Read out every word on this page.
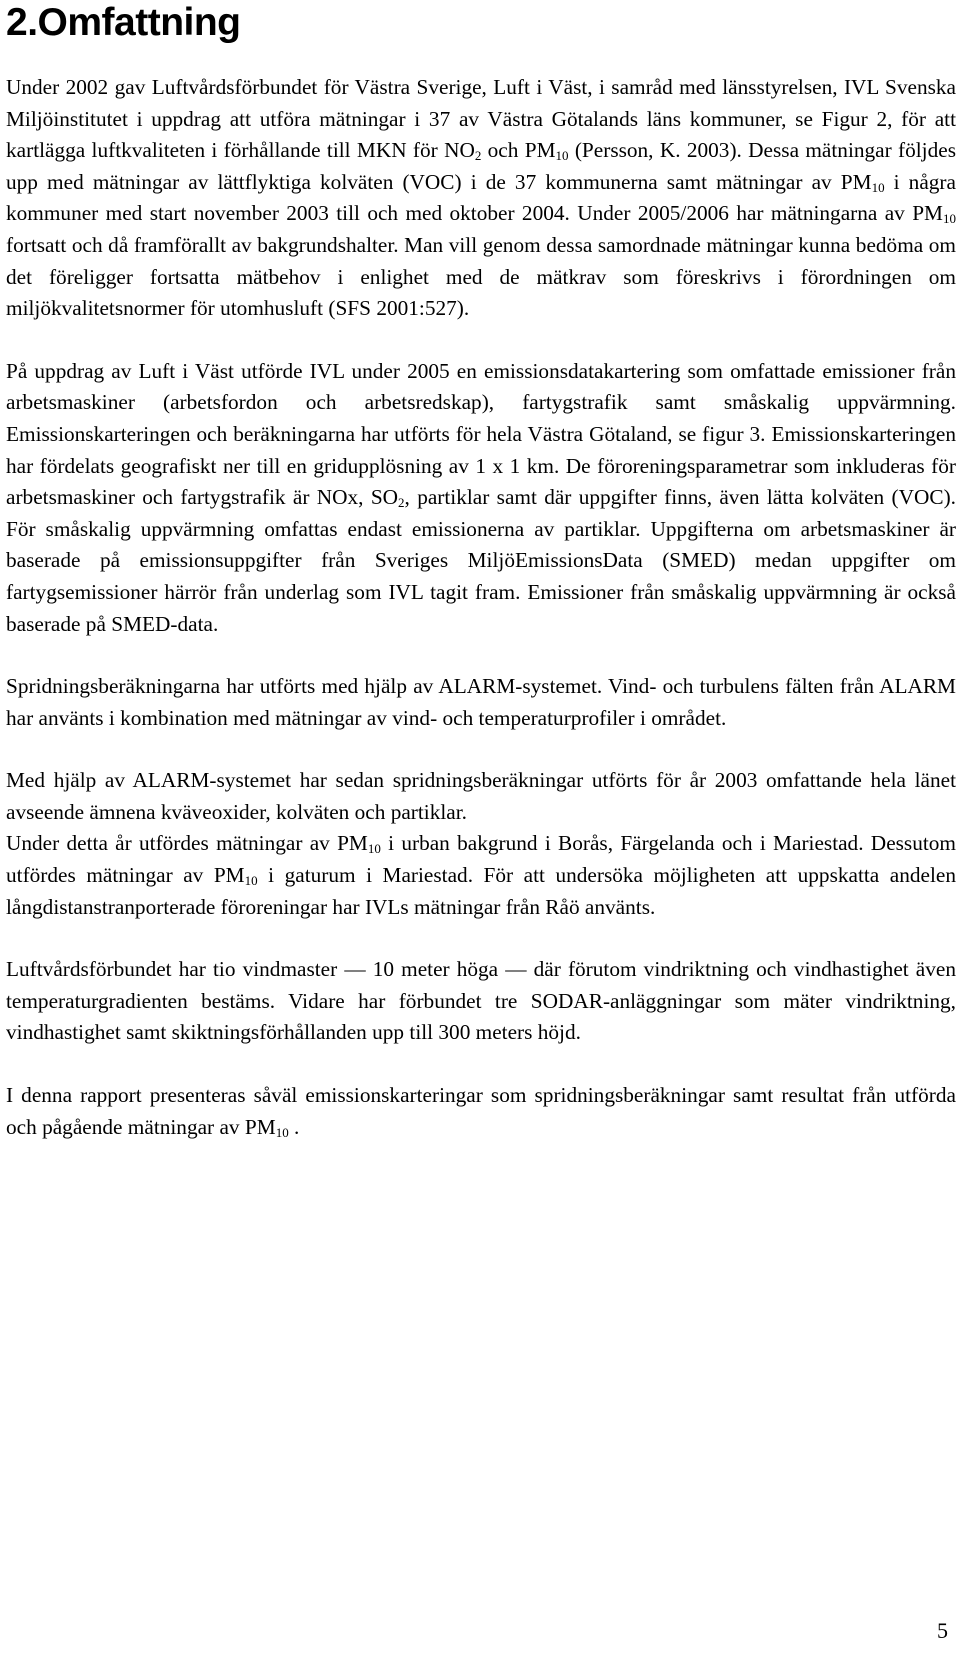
2.Omfattning

Under 2002 gav Luftvårdsförbundet för Västra Sverige, Luft i Väst, i samråd med länsstyrelsen, IVL Svenska Miljöinstitutet i uppdrag att utföra mätningar i 37 av Västra Götalands läns kommuner, se Figur 2, för att kartlägga luftkvaliteten i förhållande till MKN för $NO_2$ och $PM_{10}$ (Persson, K. 2003). Dessa mätningar följdes upp med mätningar av lättflyktiga kolväten (VOC) i de 37 kommunerna samt mätningar av $PM_{10}$ i några kommuner med start november 2003 till och med oktober 2004. Under 2005/2006 har mätningarna av $PM_{10}$ fortsatt och då framförallt av bakgrundshalter. Man vill genom dessa samordnade mätningar kunna bedöma om det föreligger fortsatta mätbehov i enlighet med de mätkrav som föreskrivs i förordningen om miljökvalitetsnormer för utomhusluft (SFS 2001:527).

På uppdrag av Luft i Väst utförde IVL under 2005 en emissionsdatakartering som omfattade emissioner från arbetsmaskiner (arbetsfordon och arbetsredskap), fartygstrafik samt småskalig uppvärmning. Emissionskarteringen och beräkningarna har utförts för hela Västra Götaland, se figur 3. Emissionskarteringen har fördelats geografiskt ner till en gridupplösning av 1 x 1 km. De föroreningsparametrar som inkluderas för arbetsmaskiner och fartygstrafik är NOx, $SO_2$, partiklar samt där uppgifter finns, även lätta kolväten (VOC). För småskalig uppvärmning omfattas endast emissionerna av partiklar. Uppgifterna om arbetsmaskiner är baserade på emissionsuppgifter från Sveriges MiljöEmissionsData (SMED) medan uppgifter om fartygsemissioner härrör från underlag som IVL tagit fram. Emissioner från småskalig uppvärmning är också baserade på SMED-data.

Spridningsberäkningarna har utförts med hjälp av ALARM-systemet. Vind- och turbulens fälten från ALARM har använts i kombination med mätningar av vind- och temperaturprofiler i området.

Med hjälp av ALARM-systemet har sedan spridningsberäkningar utförts för år 2003 omfattande hela länet avseende ämnena kväveoxider, kolväten och partiklar.

Under detta år utfördes mätningar av $PM_{10}$ i urban bakgrund i Borås, Färgelanda och i Mariestad. Dessutom utfördes mätningar av $PM_{10}$ i gaturum i Mariestad. För att undersöka möjligheten att uppskatta andelen långdistanstranporterade föroreningar har IVLs mätningar från Råö använts.

Luftvårdsförbundet har tio vindmaster — 10 meter höga — där förutom vindriktning och vindhastighet även temperaturgradienten bestäms. Vidare har förbundet tre SODAR-anläggningar som mäter vindriktning, vindhastighet samt skiktningsförhållanden upp till 300 meters höjd.

I denna rapport presenteras såväl emissionskarteringar som spridningsberäkningar samt resultat från utförda och pågående mätningar av $PM_{10}$ .

5
